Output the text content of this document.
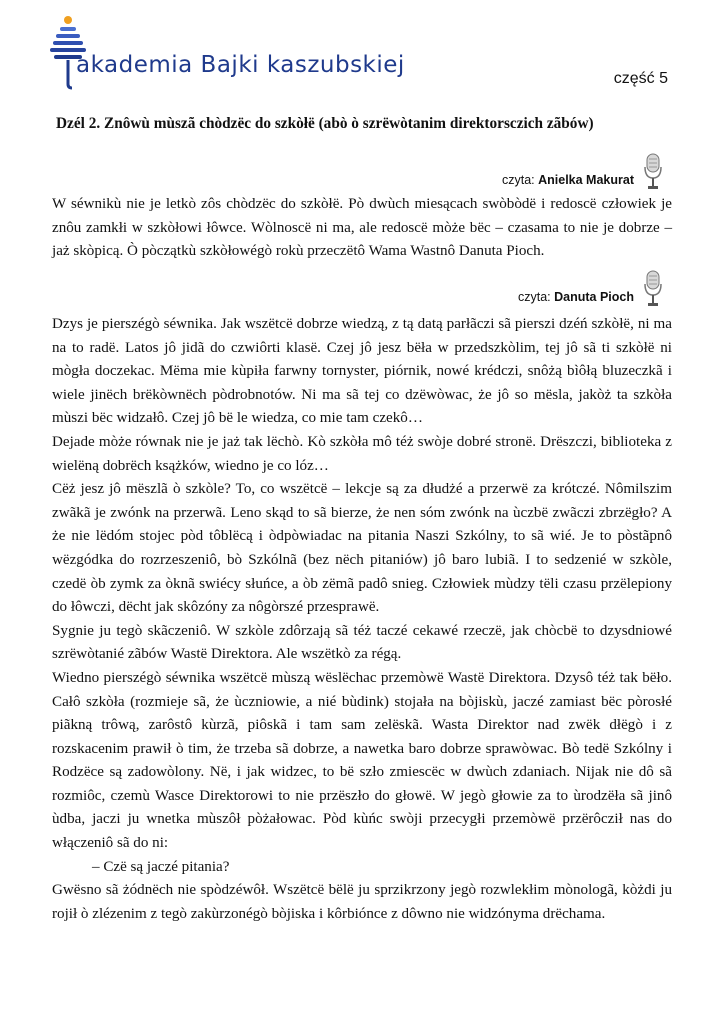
akademia Bajki kaszubskiej
część 5
Dzél 2. Znôwù mùszã chòdzëc do szkòłë (abò ò szrëwòtanim direktorsczich zãbów)
czyta: Anielka Makurat

W séwnikù nie je letkò zôs chòdzëc do szkòłë. Pò dwùch miesącach swòbòdë i redoscë człowiek je znôu zamkłi w szkòłowi łôwce. Wòlnoscë ni ma, ale redoscë mòże bëc – czasama to nie je dobrze – jaż skòpicą. Ò pòczątkù szkòłowégò rokù przeczëtô Wama Wastnô Danuta Pioch.

czyta: Danuta Pioch

Dzys je pierszégò séwnika. Jak wszëtcë dobrze wiedzą, z tą datą parłãczi sã pierszi dzéń szkòłë, ni ma na to radë. Latos jô jidã do czwiôrti klasë. Czej jô jesz bëła w przedszkòlim, tej jô sã ti szkòłë ni mògła doczekac. Mëma mie kùpiła farwny tornyster, piórnik, nowé krédczi, snôżą bìôłą bluzeczkã i wiele jinëch brëkòwnëch pòdrobnotów. Ni ma sã tej co dzëwòwac, że jô so mësla, jakòż ta szkòła mùszi bëc widzałô. Czej jô bë le wiedza, co mie tam czekô…

Dejade mòże równak nie je jaż tak lëchò. Kò szkòła mô téż swòje dobré stronë. Drëszczi, biblioteka z wielëną dobrëch ksążków, wiedno je co lóz…

Cëż jesz jô mëszlã ò szkòle? To, co wszëtcë – lekcje są za dłudżé a przerwë za krótczé. Nômilszim zwãkã je zwónk na przerwã. Leno skąd to sã bierze, że nen sóm zwónk na ùczbë zwãczi zbrzëgło? A że nie lëdóm stojec pòd tôblëcą i òdpòwiadac na pitania Naszi Szkólny, to sã wié. Je to pòstãpnô wëzgódka do rozrzeszeniô, bò Szkólnã (bez nëch pitaniów) jô baro lubiã. I to sedzenié w szkòle, czedë òb zymk za òknã swiécy słuńce, a òb zëmã padô snieg. Człowiek mùdzy tëli czasu przëlepiony do łôwczi, dëcht jak skôzóny za nôgòrszé przesprawë.

Sygnie ju tegò skãczeniô. W szkòle zdôrzają sã téż taczé cekawé rzeczë, jak chòcbë to dzysdniowé szrëwòtanié zãbów Wastë Direktora. Ale wszëtkò za régą.

Wiedno pierszégò séwnika wszëtcë mùszą wëslëchac przemòwë Wastë Direktora. Dzysô téż tak bëło. Całô szkòła (rozmieje sã, że ùczniowie, a nié bùdink) stojała na bòjiskù, jaczé zamiast bëc pòrosłé piãkną trôwą, zarôstô kùrzã, piôskã i tam sam zelëskã. Wasta Direktor nad zwëk dłëgò i z rozskacenim prawił ò tim, że trzeba sã dobrze, a nawetka baro dobrze sprawòwac. Bò tedë Szkólny i Rodzëce są zadowòlony. Në, i jak widzec, to bë szło zmiescëc w dwùch zdaniach. Nijak nie dô sã rozmiôc, czemù Wasce Direktorowi to nie przëszło do głowë. W jegò głowie za to ùrodzëła sã jinô ùdba, jaczi ju wnetka mùszôł pòżałowac. Pòd kùńc swòji przecygłi przemòwë przërôcził nas do włączeniô sã do ni:

– Czë są jaczé pitania?

Gwësno sã żódnëch nie spòdzéwôł. Wszëtcë bëlë ju sprzikrzony jegò rozwlekłim mònologã, kòżdi ju rojił ò zlézenim z tegò zakùrzonégò bòjiska i kôrbiónce z dôwno nie widzónyma drëchama.
